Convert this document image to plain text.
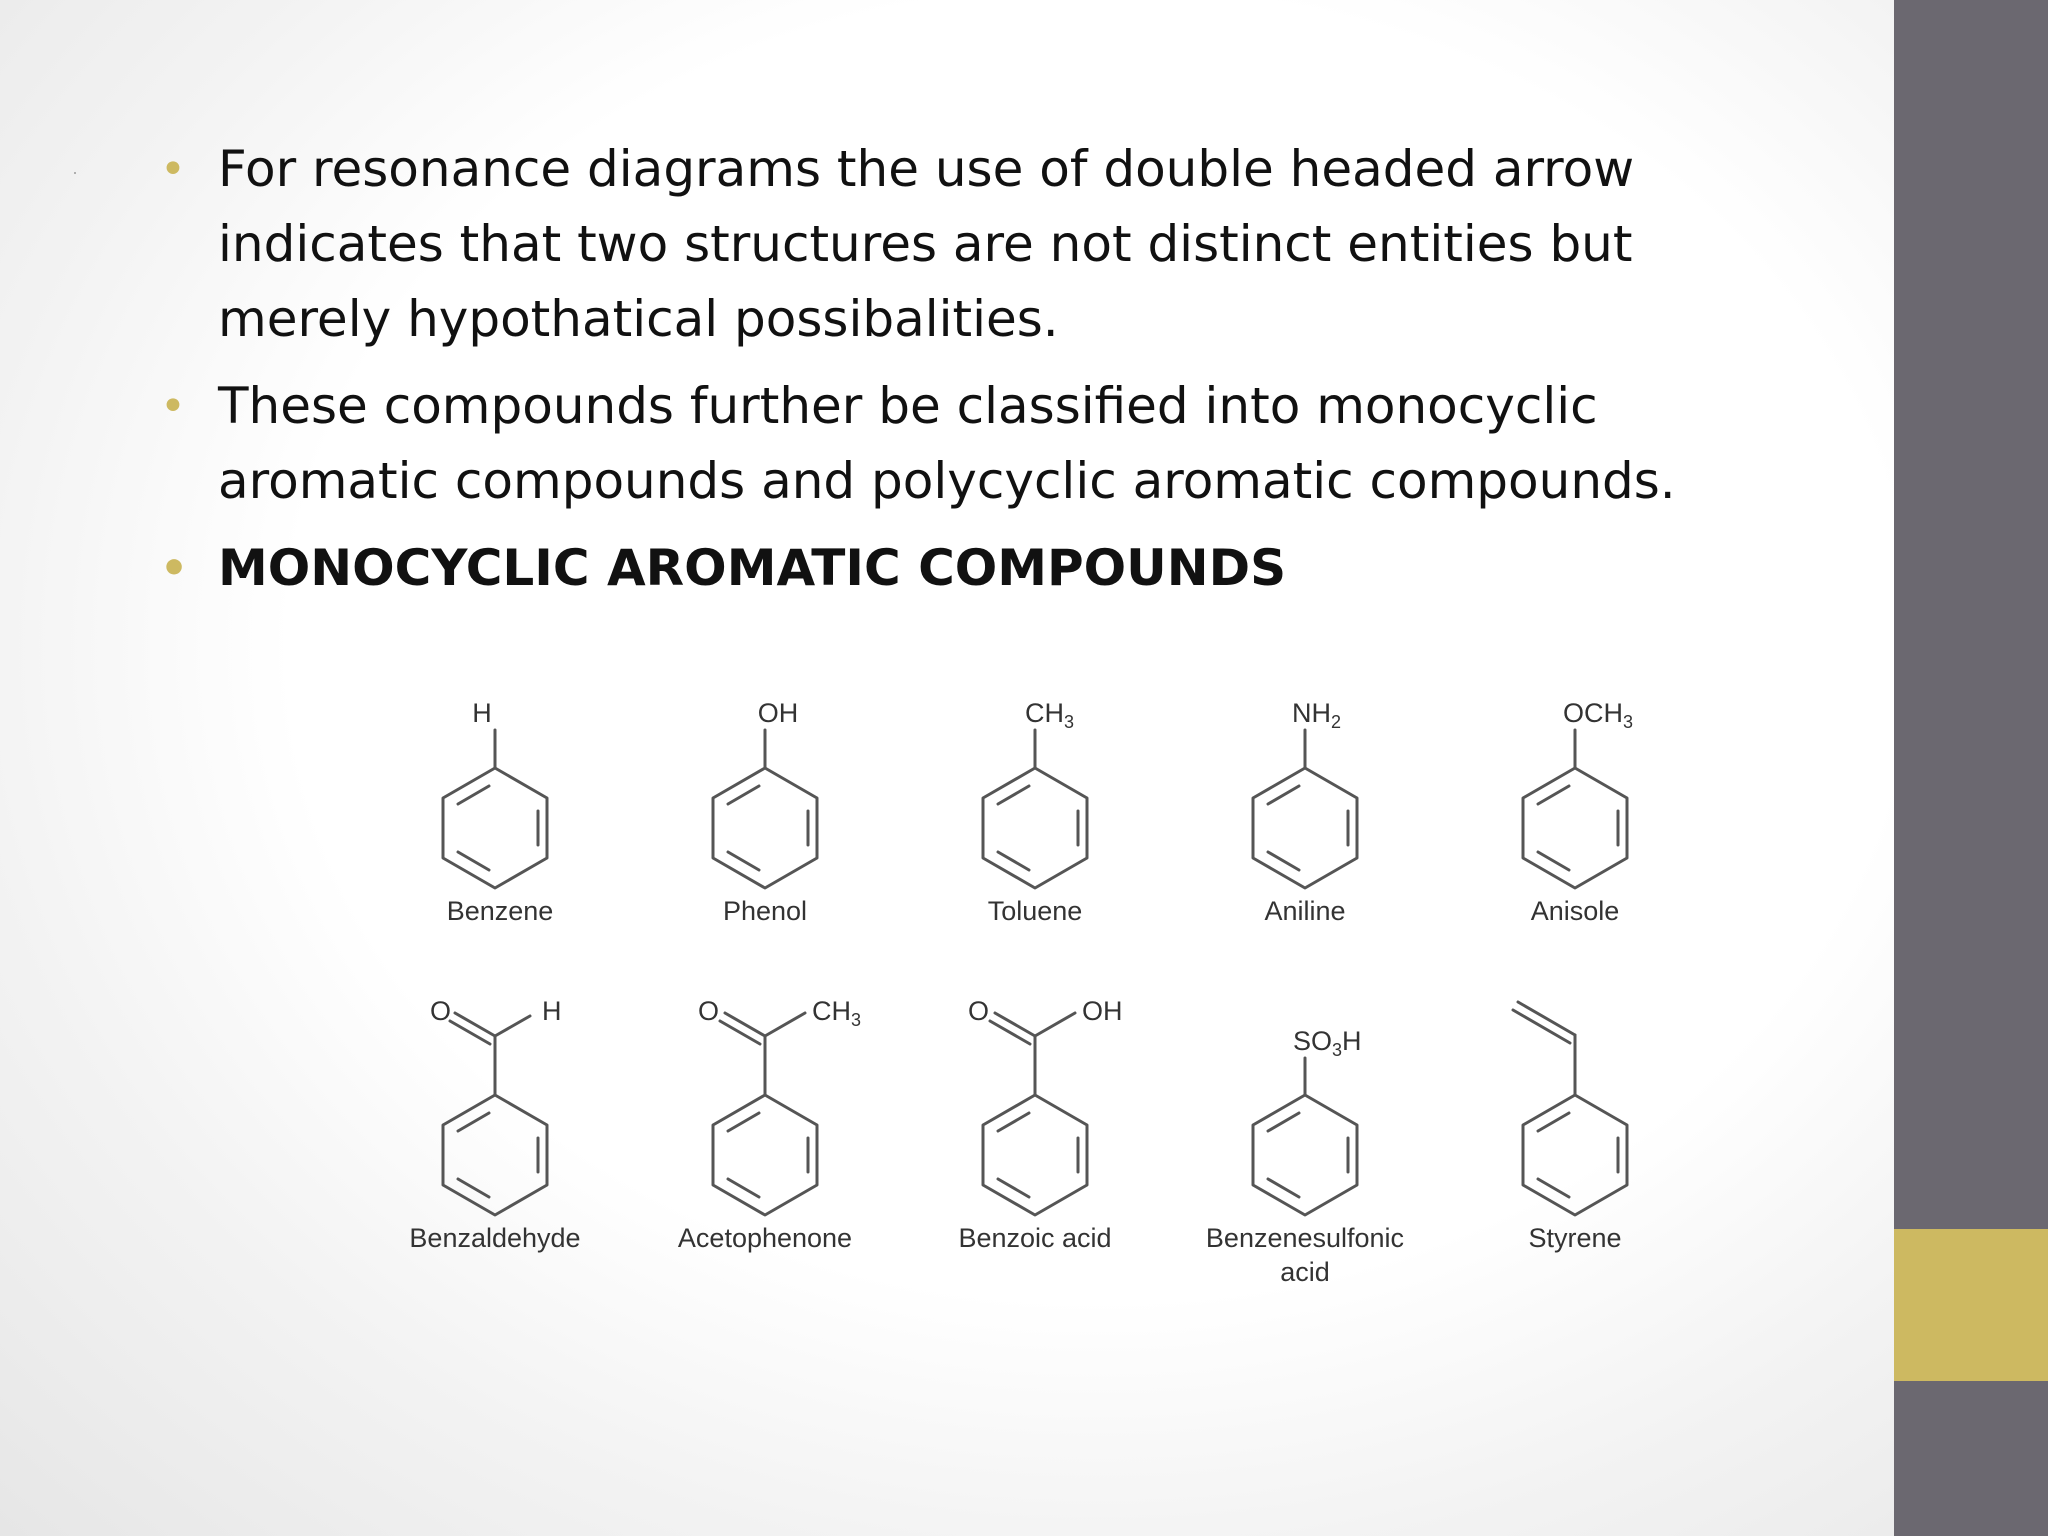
• For resonance diagrams the use of double headed arrow indicates that two structures are not distinct entities but merely hypothatical possibalities.
• These compounds further be classified into monocyclic aromatic compounds and polycyclic aromatic compounds.
• MONOCYCLIC AROMATIC COMPOUNDS
H
Benzene
OH
Phenol
$CH_3$
Toluene
$NH_2$
Aniline
$OCH_3$
Anisole
O	H
Benzaldehyde
O	$CH_3$
Acetophenone
O	OH
Benzoic acid
$SO_3H$
Benzenesulfonic
acid
Styrene
